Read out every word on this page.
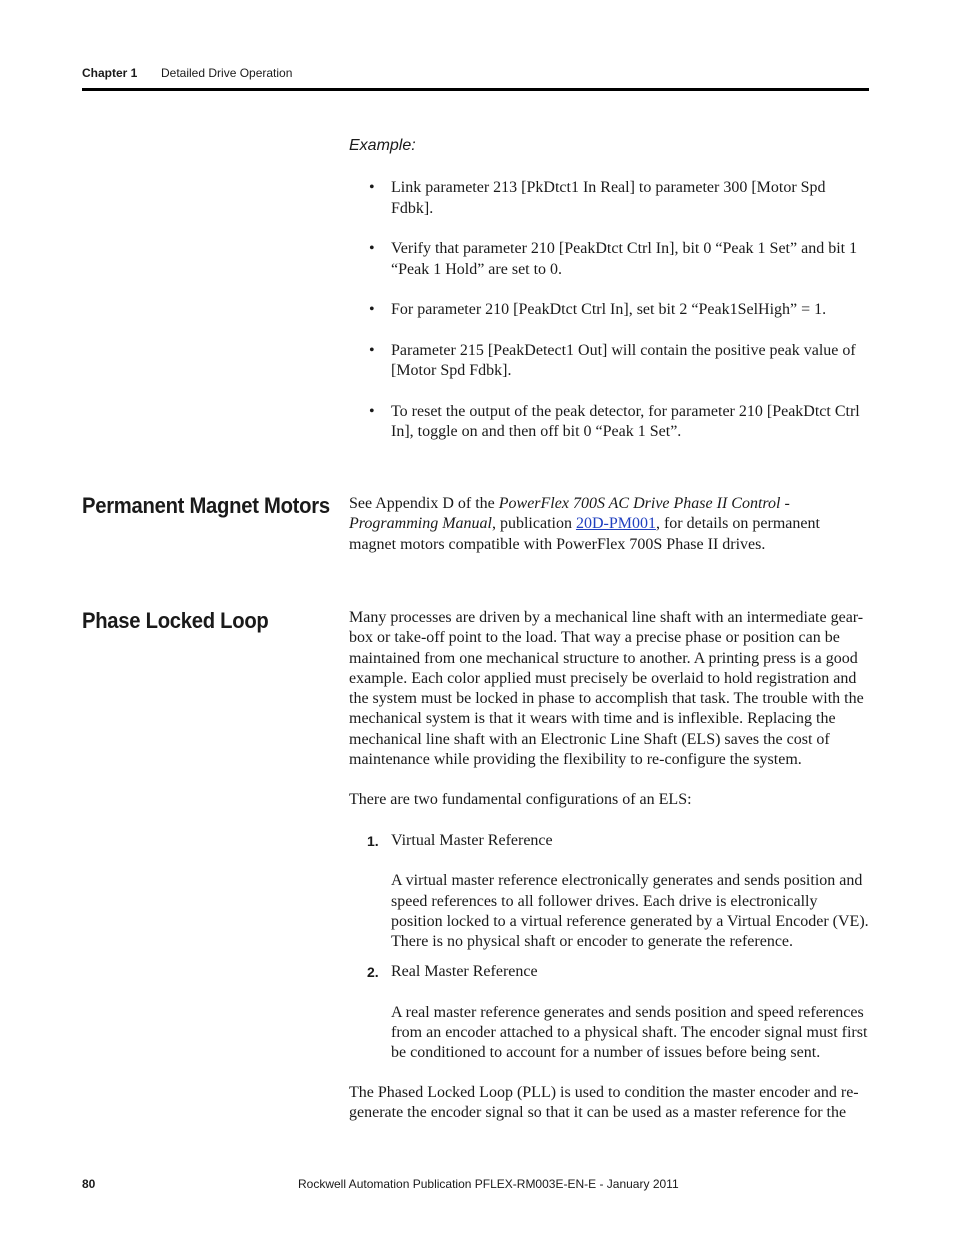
Chapter 1 Detailed Drive Operation
Example:
• Link parameter 213 [PkDtct1 In Real] to parameter 300 [Motor Spd Fdbk].
• Verify that parameter 210 [PeakDtct Ctrl In], bit 0 “Peak 1 Set” and bit 1 “Peak 1 Hold” are set to 0.
• For parameter 210 [PeakDtct Ctrl In], set bit 2 “Peak1SelHigh” = 1.
• Parameter 215 [PeakDetect1 Out] will contain the positive peak value of [Motor Spd Fdbk].
• To reset the output of the peak detector, for parameter 210 [PeakDtct Ctrl In], toggle on and then off bit 0 “Peak 1 Set”.
Permanent Magnet Motors See Appendix D of the PowerFlex 700S AC Drive Phase II Control - Programming Manual, publication 20D-PM001, for details on permanent magnet motors compatible with PowerFlex 700S Phase II drives.
Phase Locked Loop	Many processes are driven by a mechanical line shaft with an intermediate gear-box or take-off point to the load. That way a precise phase or position can be maintained from one mechanical structure to another. A printing press is a good example. Each color applied must precisely be overlaid to hold registration and the system must be locked in phase to accomplish that task. The trouble with the mechanical system is that it wears with time and is inflexible. Replacing the mechanical line shaft with an Electronic Line Shaft (ELS) saves the cost of maintenance while providing the flexibility to re-configure the system.
There are two fundamental configurations of an ELS:
1. Virtual Master Reference

A virtual master reference electronically generates and sends position and speed references to all follower drives. Each drive is electronically position locked to a virtual reference generated by a Virtual Encoder (VE). There is no physical shaft or encoder to generate the reference.

2. Real Master Reference

A real master reference generates and sends position and speed references from an encoder attached to a physical shaft. The encoder signal must first be conditioned to account for a number of issues before being sent.

The Phased Locked Loop (PLL) is used to condition the master encoder and re-generate the encoder signal so that it can be used as a master reference for the
80	Rockwell Automation Publication PFLEX-RM003E-EN-E - January 2011
